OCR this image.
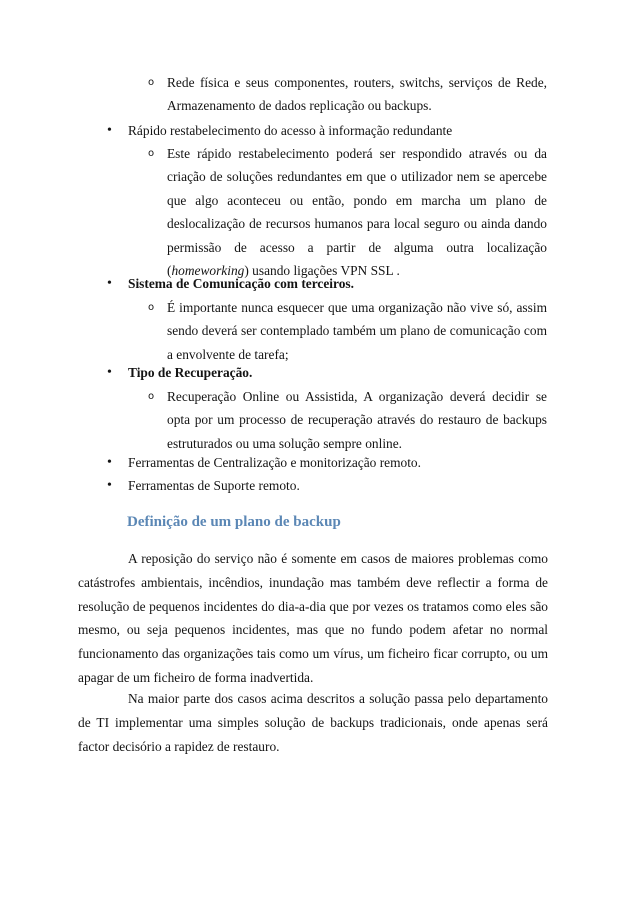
o Rede física e seus componentes, routers, switchs, serviços de Rede, Armazenamento de dados replicação ou backups.

• Rápido restabelecimento do acesso à informação redundante

o Este rápido restabelecimento poderá ser respondido através ou da criação de soluções redundantes em que o utilizador nem se apercebe que algo aconteceu ou então, pondo em marcha um plano de deslocalização de recursos humanos para local seguro ou ainda dando permissão de acesso a partir de alguma outra localização (homeworking) usando ligações VPN SSL .

• Sistema de Comunicação com terceiros.

o É importante nunca esquecer que uma organização não vive só, assim sendo deverá ser contemplado também um plano de comunicação com a envolvente de tarefa;

• Tipo de Recuperação.

o Recuperação Online ou Assistida, A organização deverá decidir se opta por um processo de recuperação através do restauro de backups estruturados ou uma solução sempre online.

• Ferramentas de Centralização e monitorização remoto.

• Ferramentas de Suporte remoto.

Definição de um plano de backup

A reposição do serviço não é somente em casos de maiores problemas como catástrofes ambientais, incêndios, inundação mas também deve reflectir a forma de resolução de pequenos incidentes do dia-a-dia que por vezes os tratamos como eles são mesmo, ou seja pequenos incidentes, mas que no fundo podem afetar no normal funcionamento das organizações tais como um vírus, um ficheiro ficar corrupto, ou um apagar de um ficheiro de forma inadvertida.

Na maior parte dos casos acima descritos a solução passa pelo departamento de TI implementar uma simples solução de backups tradicionais, onde apenas será factor decisório a rapidez de restauro.
